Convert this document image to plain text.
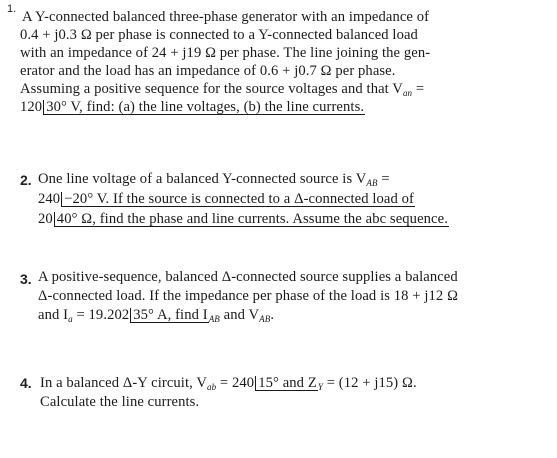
1. A Y-connected balanced three-phase generator with an impedance of
0.4 + j0.3 Ω per phase is connected to a Y-connected balanced load
with an impedance of 24 + j19 Ω per phase. The line joining the gen-
erator and the load has an impedance of 0.6 + j0.7 Ω per phase.
Assuming a positive sequence for the source voltages and that $V_{an}$ =
120 30° V, find: (a) the line voltages, (b) the line currents.
2. One line voltage of a balanced Y-connected source is $V_{AB}$ =
240 −20° V. If the source is connected to a Δ-connected load of
20 40° Ω, find the phase and line currents. Assume the abc sequence.
3. A positive-sequence, balanced Δ-connected source supplies a balanced
Δ-connected load. If the impedance per phase of the load is 18 + j12 Ω
and $I_a = 19.202$ 35° A, find $I_{AB}$ and $V_{AB}$.
4. In a balanced Δ-Y circuit, $V_{ab} = 240$ 15° and $Z_Y = (12 + j15)$ Ω.
Calculate the line currents.
